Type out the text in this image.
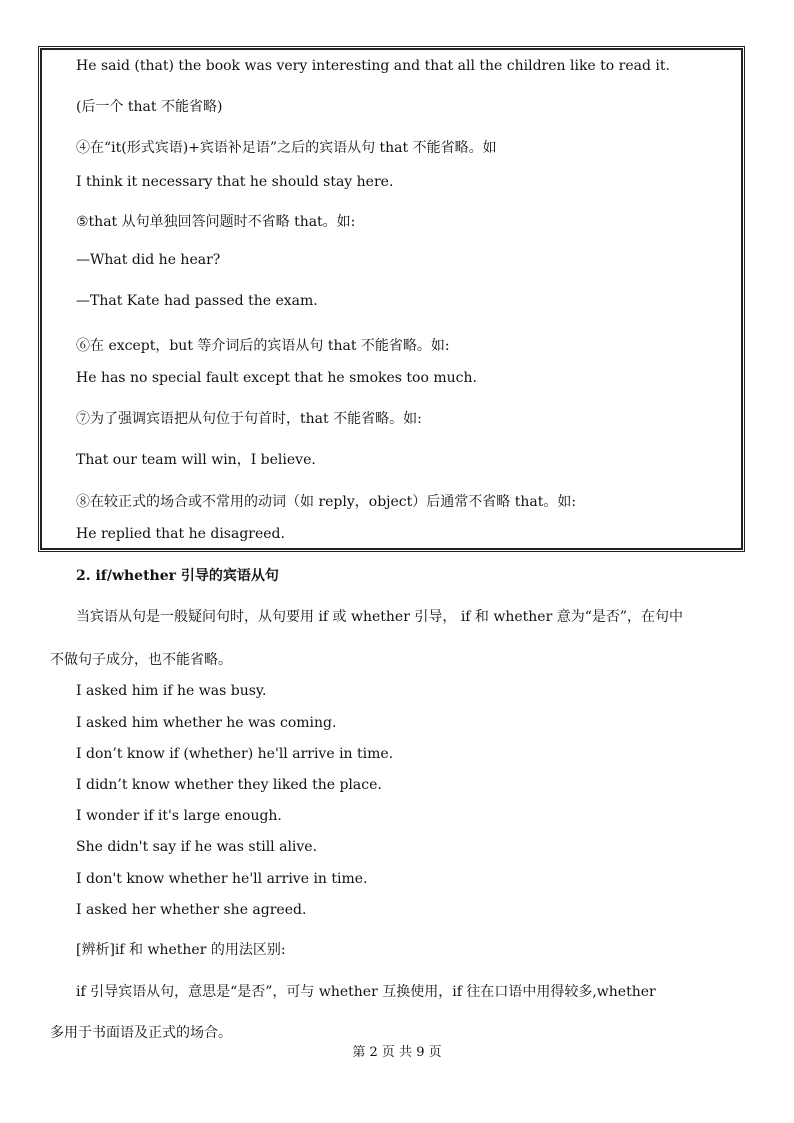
He said (that) the book was very interesting and that all the children like to read it.
(后一个 that 不能省略)
④在“it(形式宾语)+宾语补足语”之后的宾语从句 that 不能省略。如
I think it necessary that he should stay here.
⑤that 从句单独回答问题时不省略 that。如:
—What did he hear?
—That Kate had passed the exam.
⑥在 except，but 等介词后的宾语从句 that 不能省略。如:
He has no special fault except that he smokes too much.
⑦为了强调宾语把从句位于句首时，that 不能省略。如:
That our team will win，I believe.
⑧在较正式的场合或不常用的动词（如 reply，object）后通常不省略 that。如:
He replied that he disagreed.
2. if/whether 引导的宾语从句
当宾语从句是一般疑问句时，从句要用 if 或 whether 引导， if 和 whether 意为“是否”，在句中
不做句子成分，也不能省略。
I asked him if he was busy.
I asked him whether he was coming.
I don’t know if (whether) he'll arrive in time.
I didn’t know whether they liked the place.
I wonder if it's large enough.
She didn't say if he was still alive.
I don't know whether he'll arrive in time.
I asked her whether she agreed.
[辨析]if 和 whether 的用法区别:
if 引导宾语从句，意思是“是否”，可与 whether 互换使用，if 往在口语中用得较多,whether
多用于书面语及正式的场合。
第 2 页 共 9 页
